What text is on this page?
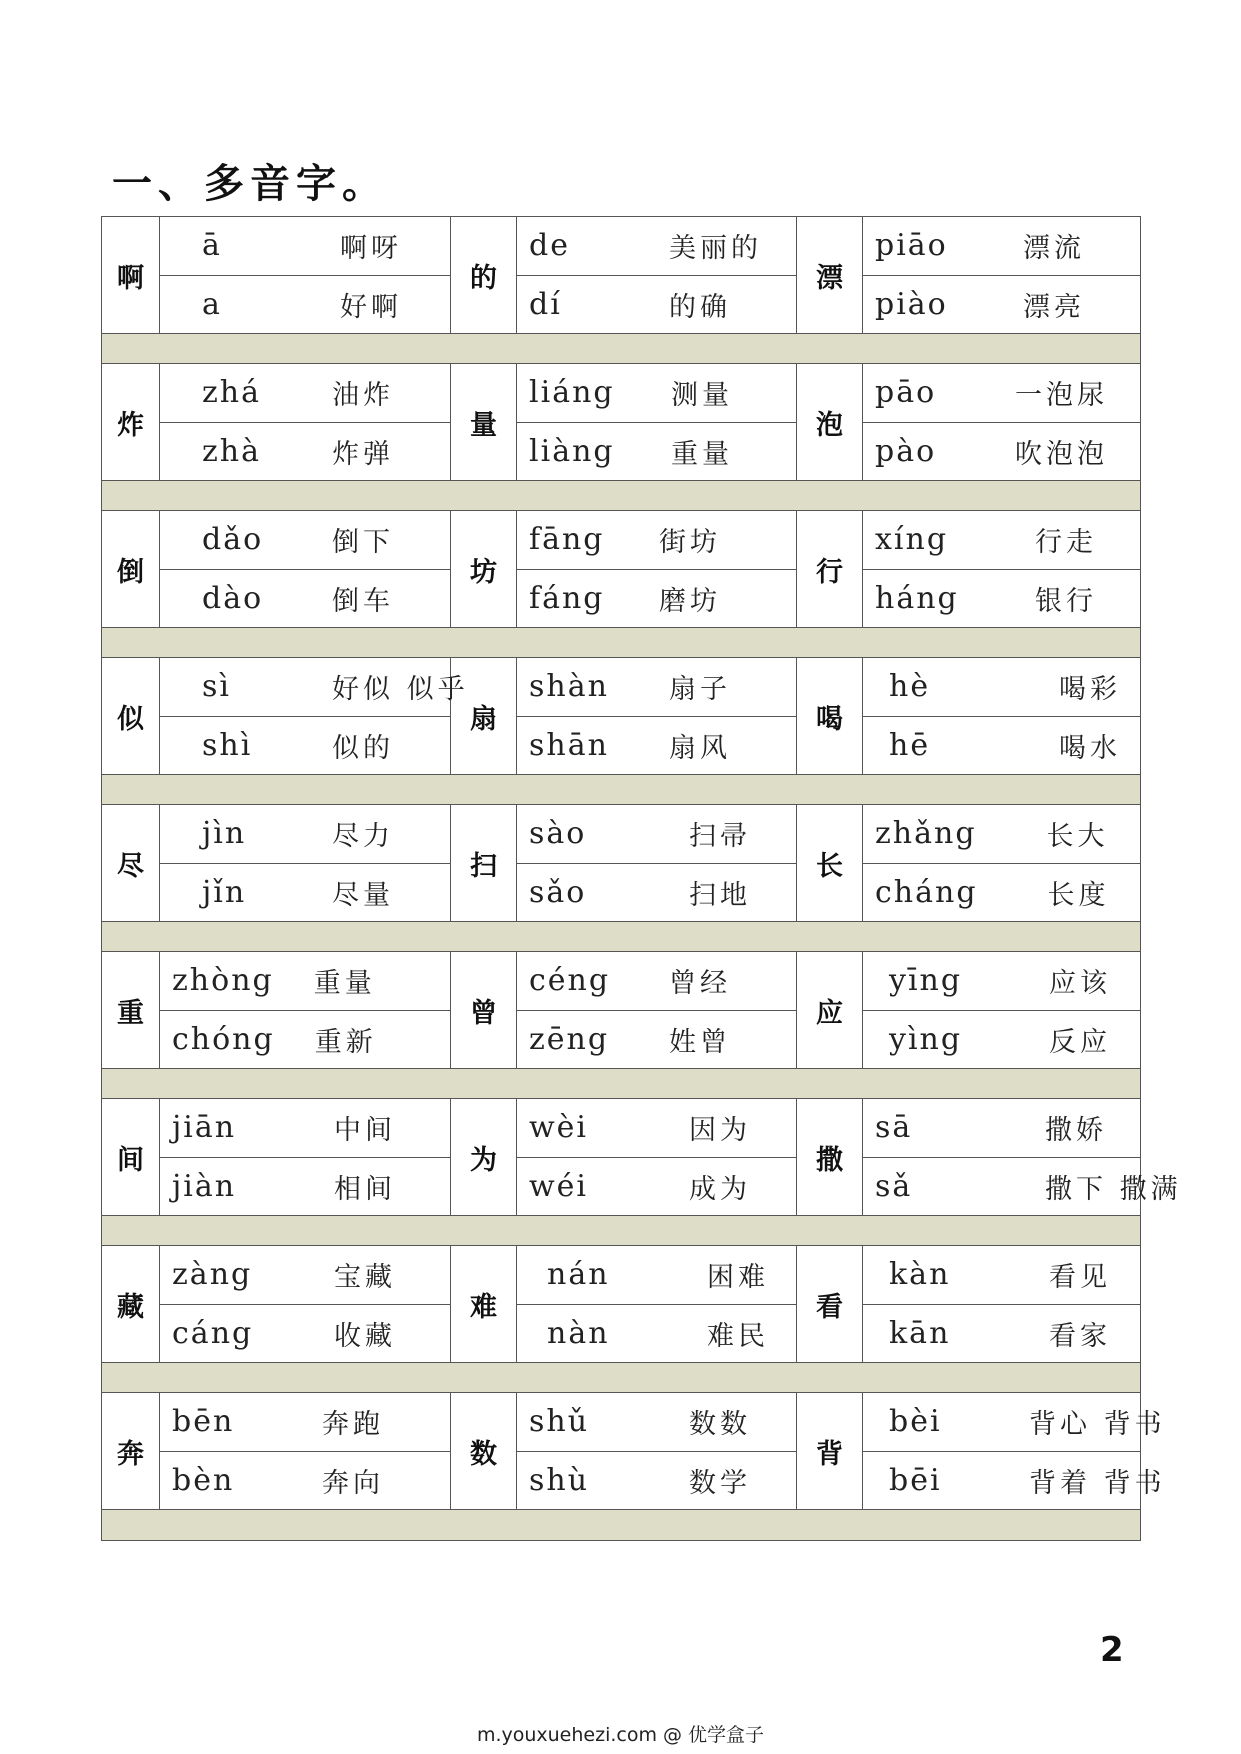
一、多音字。
啊
ā	啊呀
a	好啊
的
de	美丽的
dí	的确
漂
piāo	漂流
piào	漂亮
炸
zhá	油炸
zhà	炸弹
量
liáng 测量
liàng 重量
泡
pāo	一泡尿
pào	吹泡泡
倒
dǎo	倒下
dào	倒车
坊
fāng	街坊
fáng	磨坊
行
xíng	行走
háng	银行
似
sì	好似 似乎
shì	似的
扇
shàn	扇子
shān	扇风
喝
hè	喝彩
hē	喝水
尽
jìn	尽力
jǐn	尽量
扫
sào	扫帚
sǎo	扫地
长
zhǎng	长大
cháng	长度
重
zhòng 重量
chóng 重新
曾
céng	曾经
zēng	姓曾
应
yīng	应该
yìng	反应
间
jiān	中间
jiàn	相间
为
wèi	因为
wéi	成为
撒
sā	撒娇
sǎ	撒下 撒满
藏
zàng	宝藏
cáng	收藏
难
nán	困难
nàn	难民
看
kàn	看见
kān	看家
奔
bēn	奔跑
bèn	奔向
数
shǔ	数数
shù	数学
背
bèi	背心 背书
bēi	背着 背书
2
m.youxuehezi.com @ 优学盒子
